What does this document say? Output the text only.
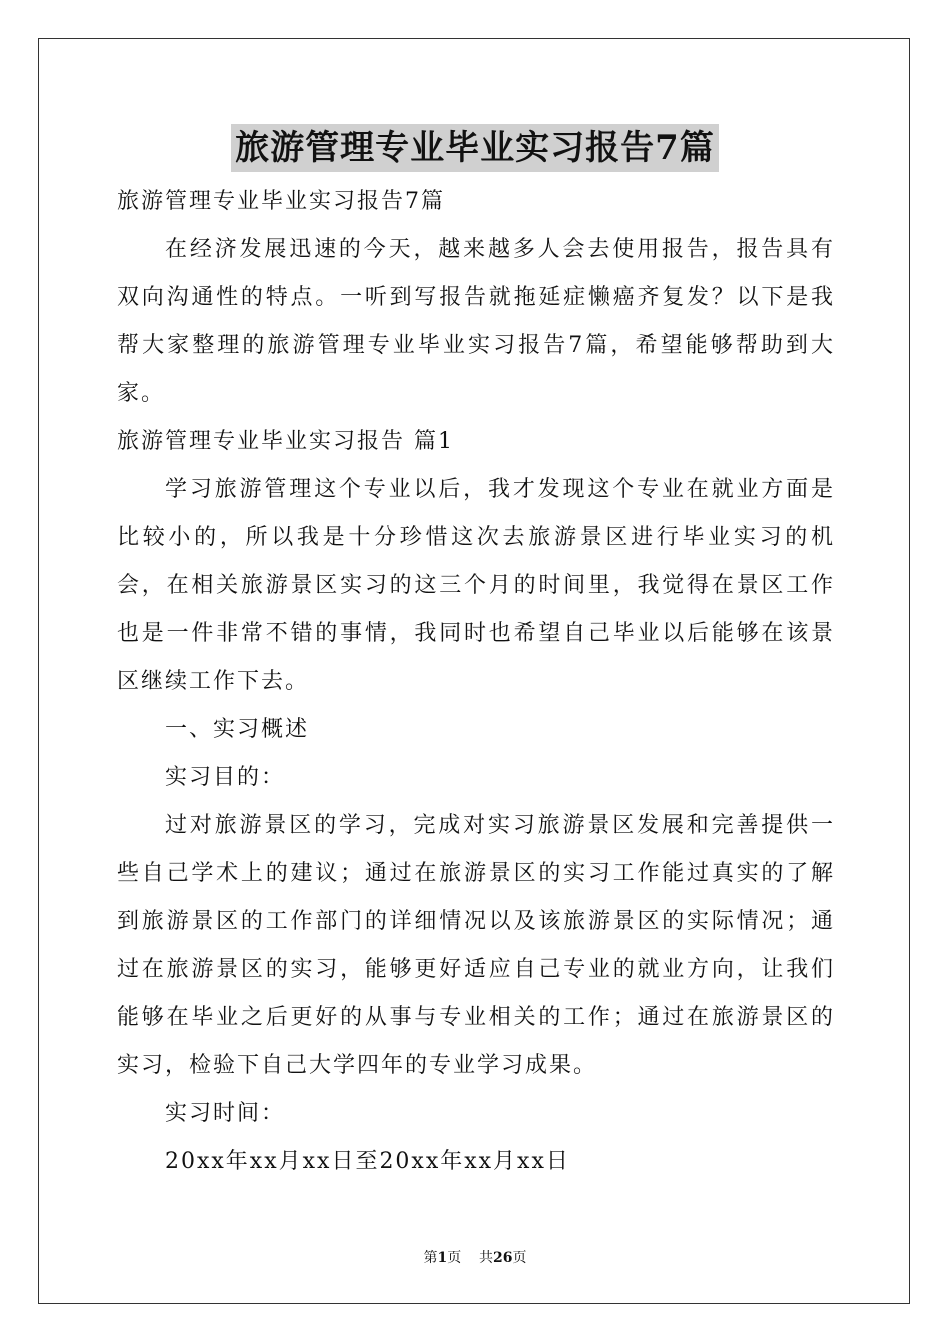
旅游管理专业毕业实习报告7篇

旅游管理专业毕业实习报告7篇

在经济发展迅速的今天，越来越多人会去使用报告，报告具有双向沟通性的特点。一听到写报告就拖延症懒癌齐复发？以下是我帮大家整理的旅游管理专业毕业实习报告7篇，希望能够帮助到大家。

旅游管理专业毕业实习报告 篇1

学习旅游管理这个专业以后，我才发现这个专业在就业方面是比较小的，所以我是十分珍惜这次去旅游景区进行毕业实习的机会，在相关旅游景区实习的这三个月的时间里，我觉得在景区工作也是一件非常不错的事情，我同时也希望自己毕业以后能够在该景区继续工作下去。

一、实习概述

实习目的：

过对旅游景区的学习，完成对实习旅游景区发展和完善提供一些自己学术上的建议；通过在旅游景区的实习工作能过真实的了解到旅游景区的工作部门的详细情况以及该旅游景区的实际情况；通过在旅游景区的实习，能够更好适应自己专业的就业方向，让我们能够在毕业之后更好的从事与专业相关的工作；通过在旅游景区的实习，检验下自己大学四年的专业学习成果。

实习时间：

20xx年xx月xx日至20xx年xx月xx日

第1页 共26页
